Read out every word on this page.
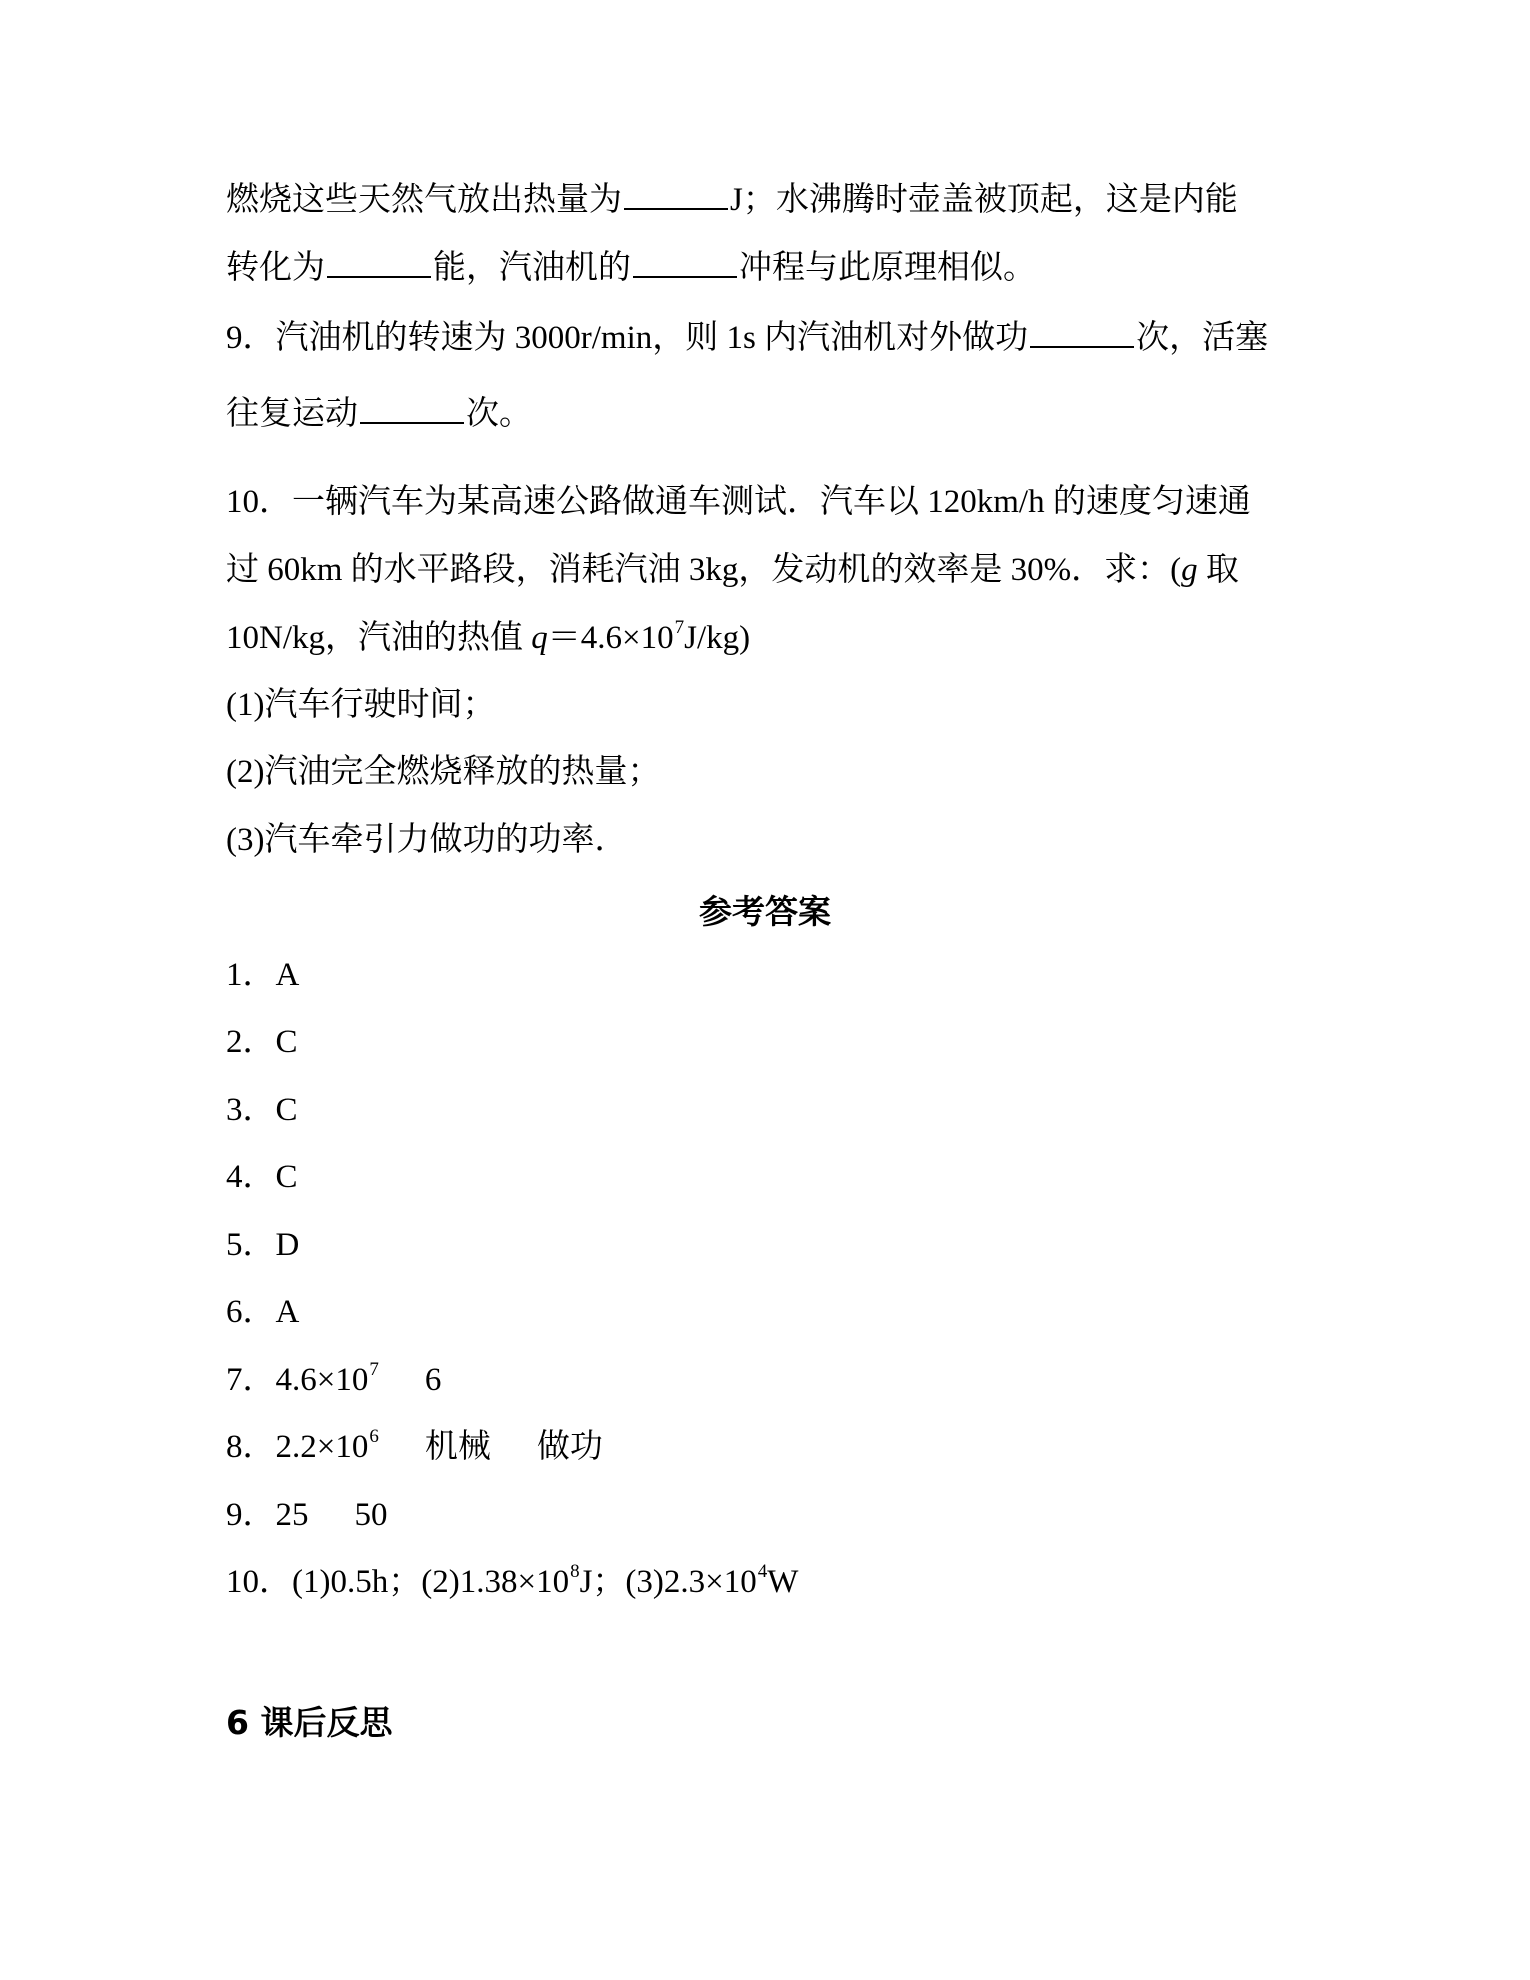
燃烧这些天然气放出热量为	J；水沸腾时壶盖被顶起，这是内能
转化为	能，汽油机的	冲程与此原理相似。
9．汽油机的转速为 3000r/min，则 1s 内汽油机对外做功	次，活塞
往复运动	次。
10．一辆汽车为某高速公路做通车测试．汽车以 120km/h 的速度匀速通
过 60km 的水平路段，消耗汽油 3kg，发动机的效率是 30%．求：(g 取
10N/kg，汽油的热值 $q=4.6\times 10^7J/kg$)
(1)汽车行驶时间；
(2)汽油完全燃烧释放的热量；
(3)汽车牵引力做功的功率．
参考答案
1．A
2．C
3．C
4．C
5．D
6．A
7．$4.6\times 10^7$ 6
8．$2.2\times 10^6$ 机械 做功
9．25 50
10．(1)0.5h；$(2)1.38\times 10^8J$；$(3)2.3\times 10^4W$
6 课后反思
